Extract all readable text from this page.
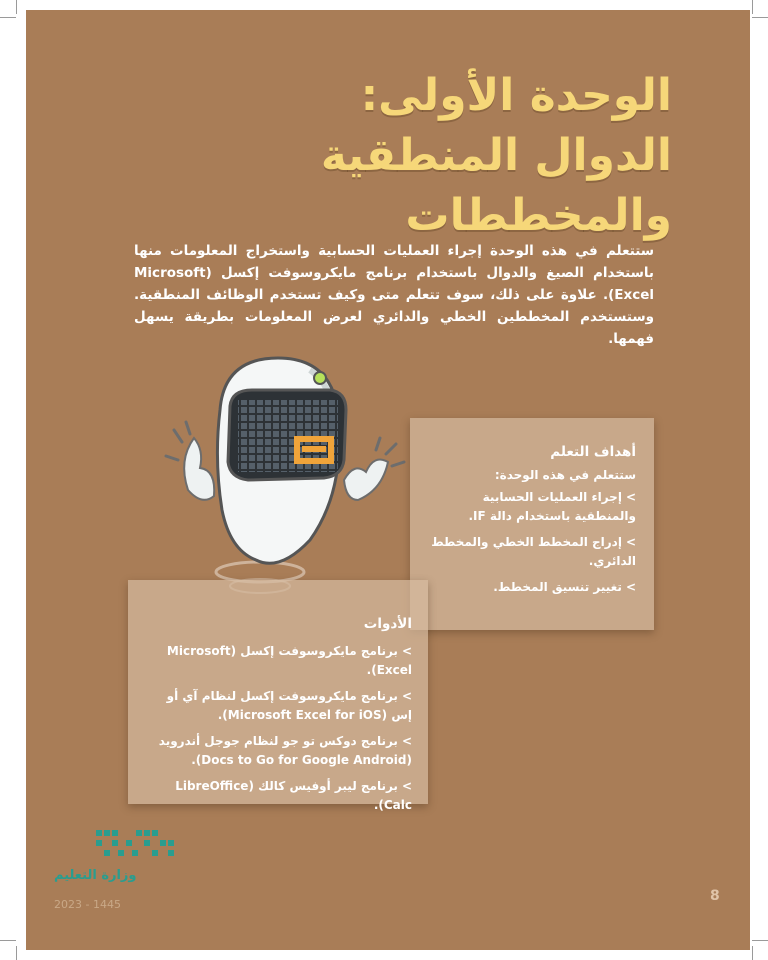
الوحدة الأولى:
الدوال المنطقية والمخططات

ستتعلم في هذه الوحدة إجراء العمليات الحسابية واستخراج المعلومات منها باستخدام الصيغ والدوال باستخدام برنامج مايكروسوفت إكسل (Microsoft Excel). علاوة على ذلك، سوف تتعلم متى وكيف تستخدم الوظائف المنطقية. وستستخدم المخططين الخطي والدائري لعرض المعلومات بطريقة يسهل فهمها.

أهداف التعلم
ستتعلم في هذه الوحدة:
>إجراء العمليات الحسابية والمنطقية باستخدام دالة IF.
>إدراج المخطط الخطي والمخطط الدائري.
>تغيير تنسيق المخطط.
الأدوات
>برنامج مايكروسوفت إكسل (Microsoft Excel).
>برنامج مايكروسوفت إكسل لنظام آي أو إس (Microsoft Excel for iOS).
>برنامج دوكس تو جو لنظام جوجل أندرويد (Docs to Go for Google Android).
>برنامج ليبر أوفيس كالك (LibreOffice Calc).
وزارة التعليم
2023 - 1445
8
